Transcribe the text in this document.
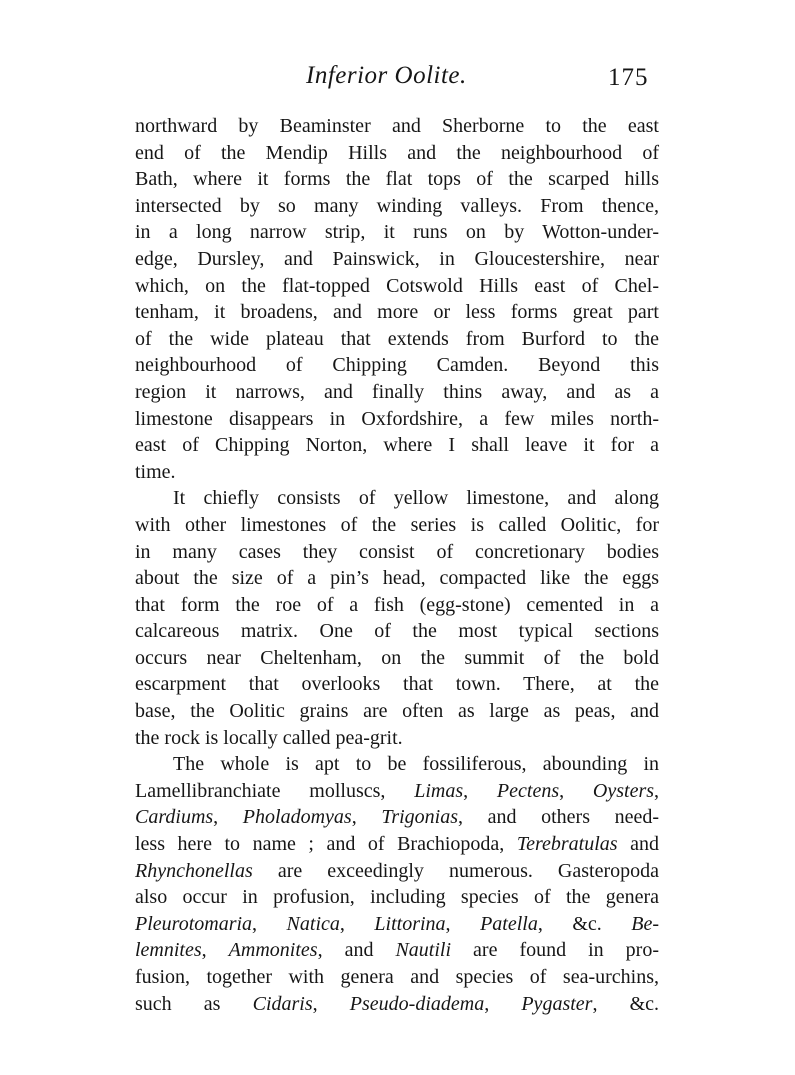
Inferior Oolite.	175
northward by Beaminster and Sherborne to the east
end of the Mendip Hills and the neighbourhood of
Bath, where it forms the flat tops of the scarped hills
intersected by so many winding valleys. From thence,
in a long narrow strip, it runs on by Wotton-under-
edge, Dursley, and Painswick, in Gloucestershire, near
which, on the flat-topped Cotswold Hills east of Chel-
tenham, it broadens, and more or less forms great part
of the wide plateau that extends from Burford to the
neighbourhood of Chipping Camden. Beyond this
region it narrows, and finally thins away, and as a
limestone disappears in Oxfordshire, a few miles north-
east of Chipping Norton, where I shall leave it for a
time.
It chiefly consists of yellow limestone, and along
with other limestones of the series is called Oolitic, for
in many cases they consist of concretionary bodies
about the size of a pin’s head, compacted like the eggs
that form the roe of a fish (egg-stone) cemented in a
calcareous matrix. One of the most typical sections
occurs near Cheltenham, on the summit of the bold
escarpment that overlooks that town. There, at the
base, the Oolitic grains are often as large as peas, and
the rock is locally called pea-grit.
The whole is apt to be fossiliferous, abounding in
Lamellibranchiate molluscs, Limas, Pectens, Oysters,
Cardiums, Pholadomyas, Trigonias, and others need-
less here to name ; and of Brachiopoda, Terebratulas and
Rhynchonellas are exceedingly numerous. Gasteropoda
also occur in profusion, including species of the genera
Pleurotomaria, Natica, Littorina, Patella, &c. Be-
lemnites, Ammonites, and Nautili are found in pro-
fusion, together with genera and species of sea-urchins,
such as Cidaris, Pseudo-diadema, Pygaster, &c.
